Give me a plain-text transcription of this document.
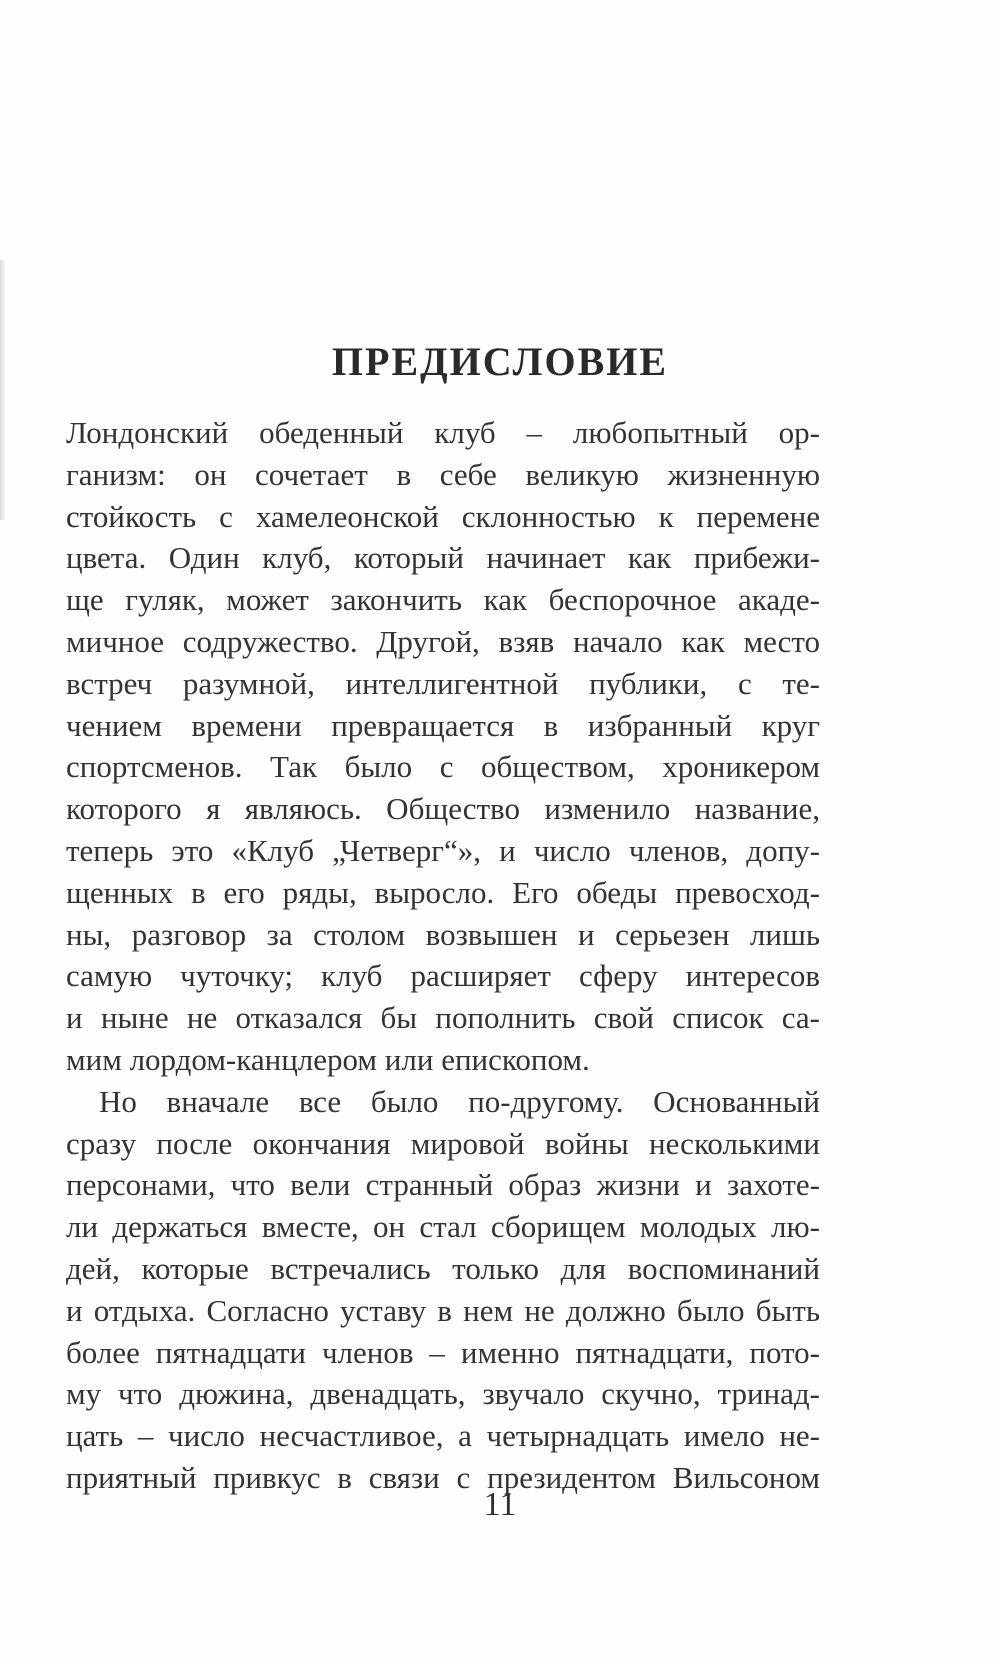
ПРЕДИСЛОВИЕ
Лондонский обеденный клуб – любопытный ор-
ганизм: он сочетает в себе великую жизненную
стойкость с хамелеонской склонностью к перемене
цвета. Один клуб, который начинает как прибежи-
ще гуляк, может закончить как беспорочное акаде-
мичное содружество. Другой, взяв начало как место
встреч разумной, интеллигентной публики, с те-
чением времени превращается в избранный круг
спортсменов. Так было с обществом, хроникером
которого я являюсь. Общество изменило название,
теперь это «Клуб „Четверг“», и число членов, допу-
щенных в его ряды, выросло. Его обеды превосход-
ны, разговор за столом возвышен и серьезен лишь
самую чуточку; клуб расширяет сферу интересов
и ныне не отказался бы пополнить свой список са-
мим лордом-канцлером или епископом.
Но вначале все было по-другому. Основанный
сразу после окончания мировой войны несколькими
персонами, что вели странный образ жизни и захоте-
ли держаться вместе, он стал сборищем молодых лю-
дей, которые встречались только для воспоминаний
и отдыха. Согласно уставу в нем не должно было быть
более пятнадцати членов – именно пятнадцати, пото-
му что дюжина, двенадцать, звучало скучно, тринад-
цать – число несчастливое, а четырнадцать имело не-
приятный привкус в связи с президентом Вильсоном
11
